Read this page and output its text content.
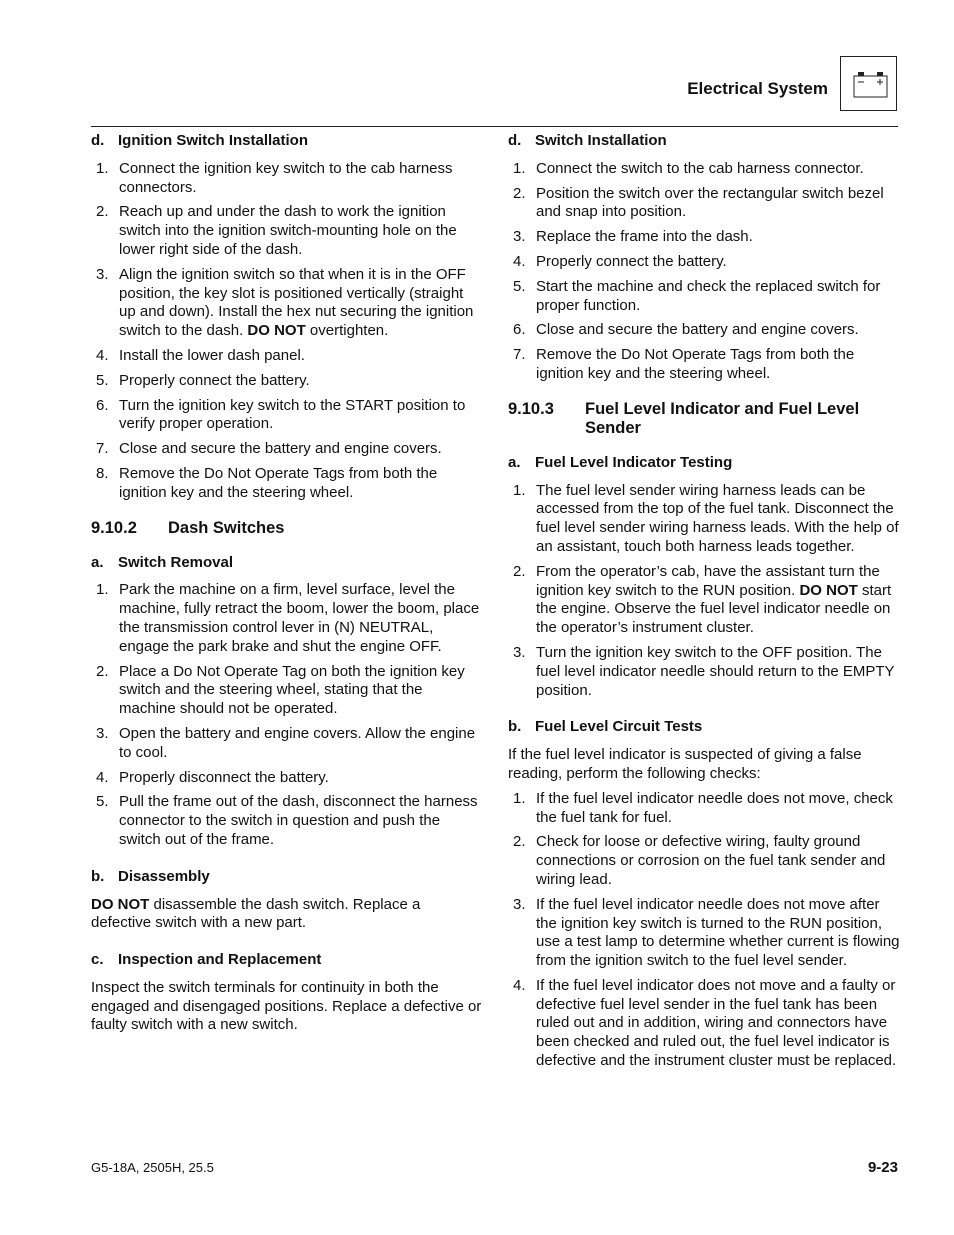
Electrical System
d. Ignition Switch Installation
1. Connect the ignition key switch to the cab harness connectors.
2. Reach up and under the dash to work the ignition switch into the ignition switch-mounting hole on the lower right side of the dash.
3. Align the ignition switch so that when it is in the OFF position, the key slot is positioned vertically (straight up and down). Install the hex nut securing the ignition switch to the dash. DO NOT overtighten.
4. Install the lower dash panel.
5. Properly connect the battery.
6. Turn the ignition key switch to the START position to verify proper operation.
7. Close and secure the battery and engine covers.
8. Remove the Do Not Operate Tags from both the ignition key and the steering wheel.
9.10.2	Dash Switches
a. Switch Removal
1. Park the machine on a firm, level surface, level the machine, fully retract the boom, lower the boom, place the transmission control lever in (N) NEUTRAL, engage the park brake and shut the engine OFF.
2. Place a Do Not Operate Tag on both the ignition key switch and the steering wheel, stating that the machine should not be operated.
3. Open the battery and engine covers. Allow the engine to cool.
4. Properly disconnect the battery.
5. Pull the frame out of the dash, disconnect the harness connector to the switch in question and push the switch out of the frame.
b. Disassembly

DO NOT disassemble the dash switch. Replace a defective switch with a new part.

c. Inspection and Replacement

Inspect the switch terminals for continuity in both the engaged and disengaged positions. Replace a defective or faulty switch with a new switch.

d. Switch Installation
1. Connect the switch to the cab harness connector.
2. Position the switch over the rectangular switch bezel and snap into position.
3. Replace the frame into the dash.
4. Properly connect the battery.
5. Start the machine and check the replaced switch for proper function.
6. Close and secure the battery and engine covers.
7. Remove the Do Not Operate Tags from both the ignition key and the steering wheel.
9.10.3	Fuel Level Indicator and Fuel Level Sender
a. Fuel Level Indicator Testing
1. The fuel level sender wiring harness leads can be accessed from the top of the fuel tank. Disconnect the fuel level sender wiring harness leads. With the help of an assistant, touch both harness leads together.
2. From the operator’s cab, have the assistant turn the ignition key switch to the RUN position. DO NOT start the engine. Observe the fuel level indicator needle on the operator’s instrument cluster.
3. Turn the ignition key switch to the OFF position. The fuel level indicator needle should return to the EMPTY position.
b. Fuel Level Circuit Tests

If the fuel level indicator is suspected of giving a false reading, perform the following checks:

1. If the fuel level indicator needle does not move, check the fuel tank for fuel.
2. Check for loose or defective wiring, faulty ground connections or corrosion on the fuel tank sender and wiring lead.
3. If the fuel level indicator needle does not move after the ignition key switch is turned to the RUN position, use a test lamp to determine whether current is flowing from the ignition switch to the fuel level sender.
4. If the fuel level indicator does not move and a faulty or defective fuel level sender in the fuel tank has been ruled out and in addition, wiring and connectors have been checked and ruled out, the fuel level indicator is defective and the instrument cluster must be replaced.
G5-18A, 2505H, 25.5	9-23
